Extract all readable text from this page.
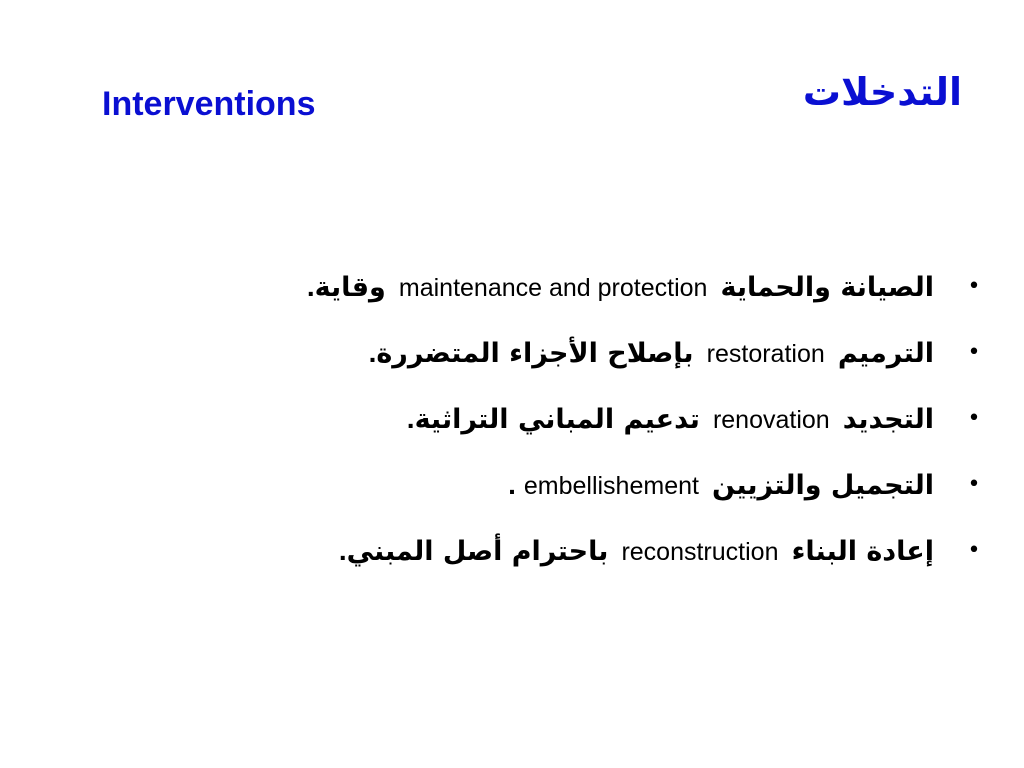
Interventions	التدخلات
•
الصيانة والحماية maintenance and protection وقاية.
•
الترميم restoration بإصلاح الأجزاء المتضررة.
•
التجديد renovation تدعيم المباني التراثية.
•
التجميل والتزيين embellishement.
•
إعادة البناء reconstruction باحترام أصل المبني.
